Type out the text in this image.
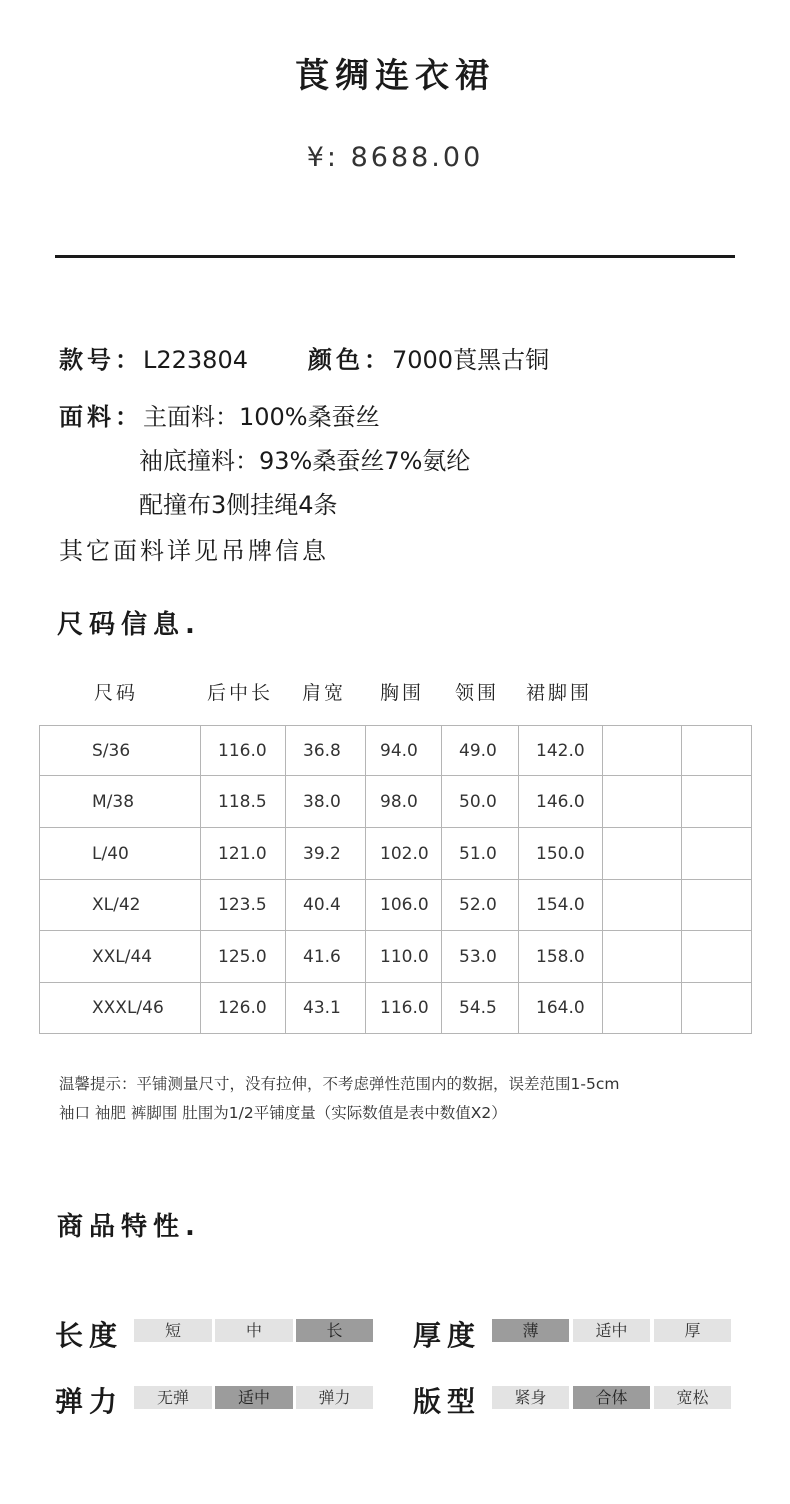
莨绸连衣裙
¥: 8688.00
款号：L223804	颜色：7000莨黑古铜
面料：主面料：100%桑蚕丝
袖底撞料：93%桑蚕丝7%氨纶
配撞布3侧挂绳4条
其它面料详见吊牌信息
尺码信息.
尺码	后中长 肩宽 胸围 领围 裙脚围
S/36	116.0	36.8	94.0	49.0	142.0		
M/38	118.5	38.0	98.0	50.0	146.0		
L/40	121.0	39.2	102.0	51.0	150.0		
XL/42	123.5	40.4	106.0	52.0	154.0		
XXL/44	125.0	41.6	110.0	53.0	158.0		
XXXL/46	126.0	43.1	116.0	54.5	164.0		
温馨提示：平铺测量尺寸，没有拉伸，不考虑弹性范围内的数据，误差范围1-5cm
袖口 袖肥 裤脚围 肚围为1/2平铺度量（实际数值是表中数值X2）
商品特性.
长度	短	中	长	厚度	薄	适中	厚
弹力	无弹	适中	弹力	版型	紧身	合体	宽松
